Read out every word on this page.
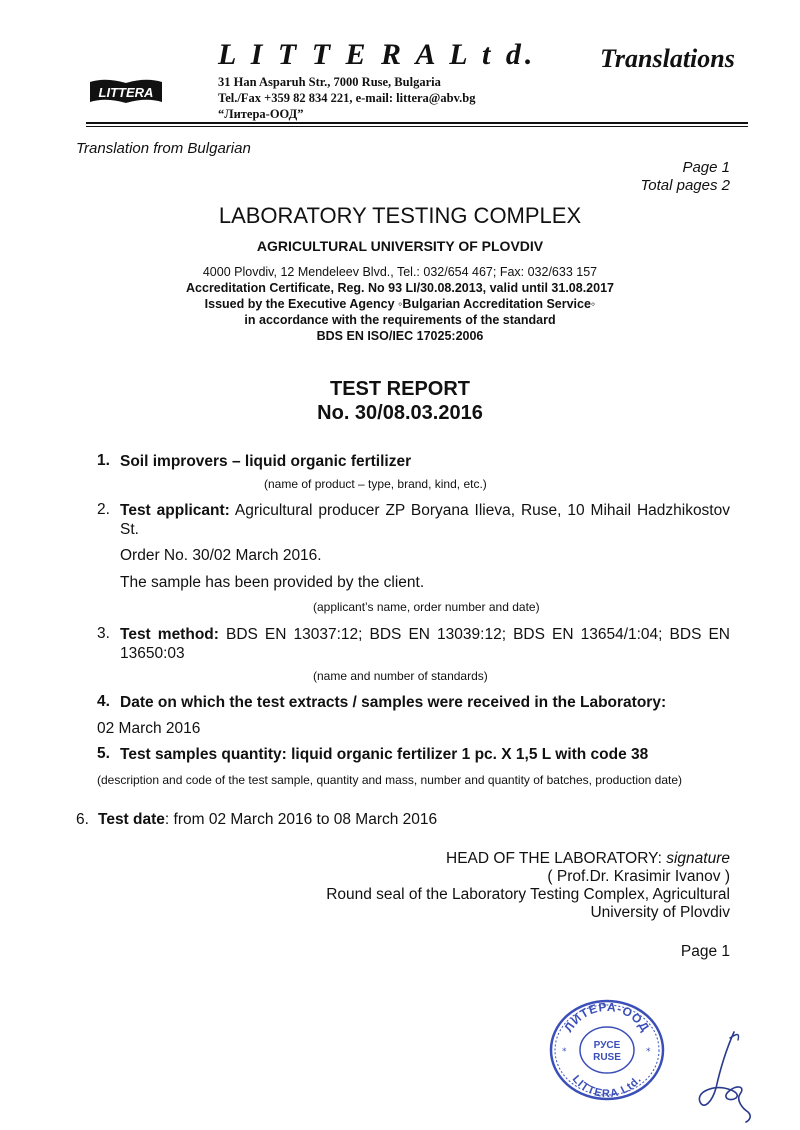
LITTERA
L I T T E R A L t d. Translations
31 Han Asparuh Str., 7000 Ruse, Bulgaria
Tel./Fax +359 82 834 221, e-mail: littera@abv.bg
“Литера-ООД”
Translation from Bulgarian
Page 1
Total pages 2
LABORATORY TESTING COMPLEX
AGRICULTURAL UNIVERSITY OF PLOVDIV
4000 Plovdiv, 12 Mendeleev Blvd., Tel.: 032/654 467; Fax: 032/633 157
Accreditation Certificate, Reg. No 93 LI/30.08.2013, valid until 31.08.2017
Issued by the Executive Agency ◦Bulgarian Accreditation Service◦
in accordance with the requirements of the standard
BDS EN ISO/IEC 17025:2006
TEST REPORT
No. 30/08.03.2016
1. Soil improvers – liquid organic fertilizer
(name of product – type, brand, kind, etc.)
2. Test applicant: Agricultural producer ZP Boryana Ilieva, Ruse, 10 Mihail Hadzhikostov St.
Order No. 30/02 March 2016.
The sample has been provided by the client.
(applicant’s name, order number and date)
3. Test method: BDS EN 13037:12; BDS EN 13039:12; BDS EN 13654/1:04; BDS EN 13650:03
(name and number of standards)
4. Date on which the test extracts / samples were received in the Laboratory:
02 March 2016
5. Test samples quantity: liquid organic fertilizer 1 pc. X 1,5 L with code 38
(description and code of the test sample, quantity and mass, number and quantity of batches, production date)
6. Test date: from 02 March 2016 to 08 March 2016
HEAD OF THE LABORATORY: signature
( Prof.Dr. Krasimir Ivanov )
Round seal of the Laboratory Testing Complex, Agricultural
University of Plovdiv
Page 1
ЛИТЕРА-ООД
LITTERA Ltd.
РУСЕ
RUSE
*	*
